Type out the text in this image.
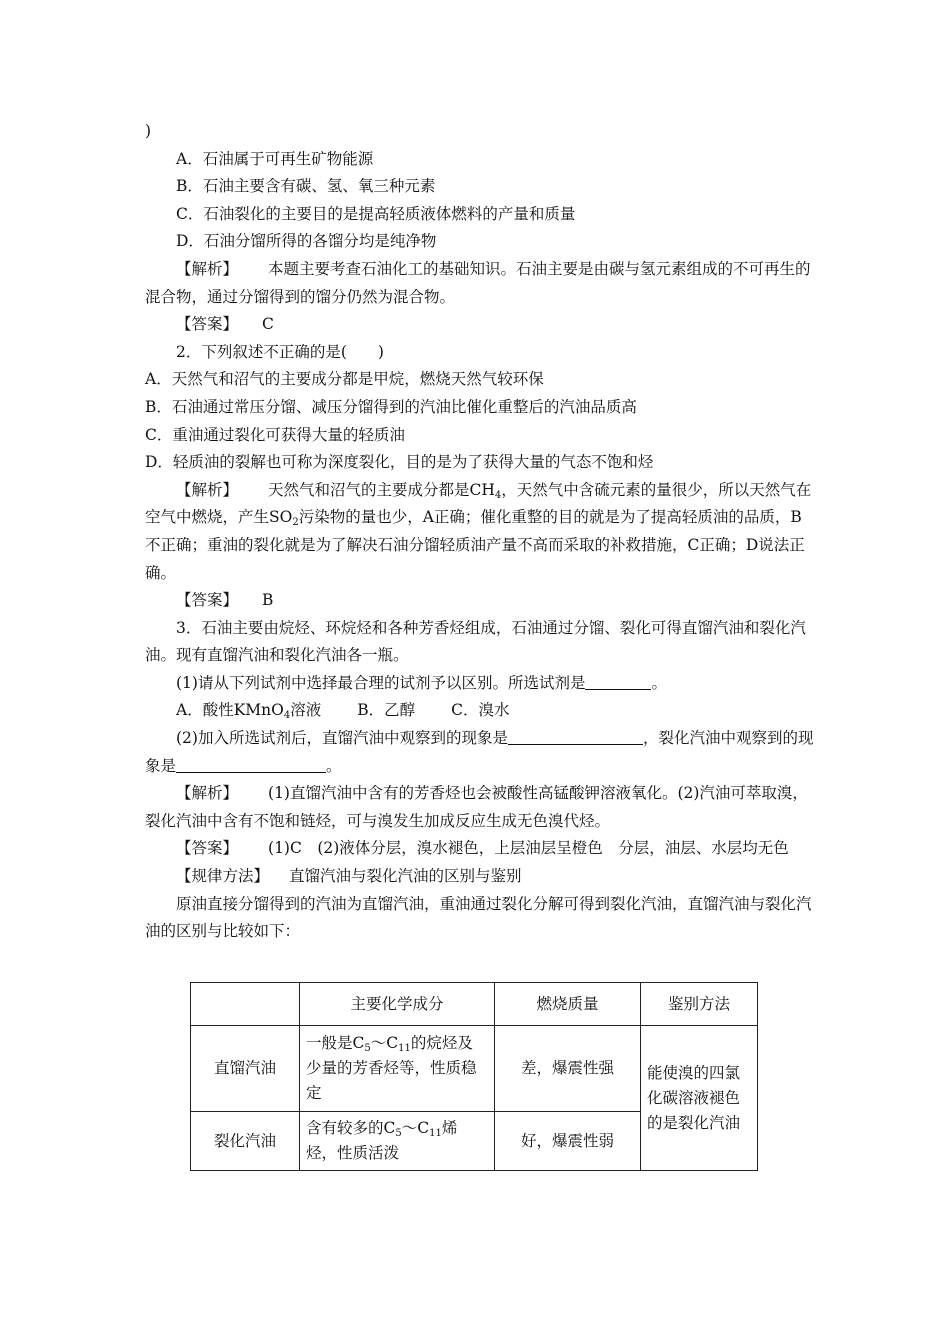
)
A．石油属于可再生矿物能源
B．石油主要含有碳、氢、氧三种元素
C．石油裂化的主要目的是提高轻质液体燃料的产量和质量
D．石油分馏所得的各馏分均是纯净物
【解析】 本题主要考查石油化工的基础知识。石油主要是由碳与氢元素组成的不可再生的混合物，通过分馏得到的馏分仍然为混合物。
【答案】 C
2．下列叙述不正确的是(　　)
A．天然气和沼气的主要成分都是甲烷，燃烧天然气较环保
B．石油通过常压分馏、减压分馏得到的汽油比催化重整后的汽油品质高
C．重油通过裂化可获得大量的轻质油
D．轻质油的裂解也可称为深度裂化，目的是为了获得大量的气态不饱和烃
【解析】 天然气和沼气的主要成分都是$CH_4$，天然气中含硫元素的量很少，所以天然气在空气中燃烧，产生$SO_2$污染物的量也少，A正确；催化重整的目的就是为了提高轻质油的品质，B不正确；重油的裂化就是为了解决石油分馏轻质油产量不高而采取的补救措施，C正确；D说法正确。
【答案】 B
3．石油主要由烷烃、环烷烃和各种芳香烃组成，石油通过分馏、裂化可得直馏汽油和裂化汽油。现有直馏汽油和裂化汽油各一瓶。
(1)请从下列试剂中选择最合理的试剂予以区别。所选试剂是	。
A．酸性KMnO$_4$溶液 B．乙醇 C．溴水
(2)加入所选试剂后，直馏汽油中观察到的现象是	，裂化汽油中观察到的现象是	。
【解析】 (1)直馏汽油中含有的芳香烃也会被酸性高锰酸钾溶液氧化。(2)汽油可萃取溴，裂化汽油中含有不饱和链烃，可与溴发生加成反应生成无色溴代烃。
【答案】 (1)C　(2)液体分层，溴水褪色，上层油层呈橙色　分层，油层、水层均无色
【规律方法】 直馏汽油与裂化汽油的区别与鉴别
原油直接分馏得到的汽油为直馏汽油，重油通过裂化分解可得到裂化汽油，直馏汽油与裂化汽油的区别与比较如下：
	主要化学成分	燃烧质量	鉴别方法
直馏汽油	一般是$C_5\sim C_{11}$的烷烃及少量的芳香烃等，性质稳定	差，爆震性强	能使溴的四氯化碳溶液褪色的是裂化汽油
裂化汽油	含有较多的$C_5\sim C_{11}$烯烃，性质活泼	好，爆震性弱	
